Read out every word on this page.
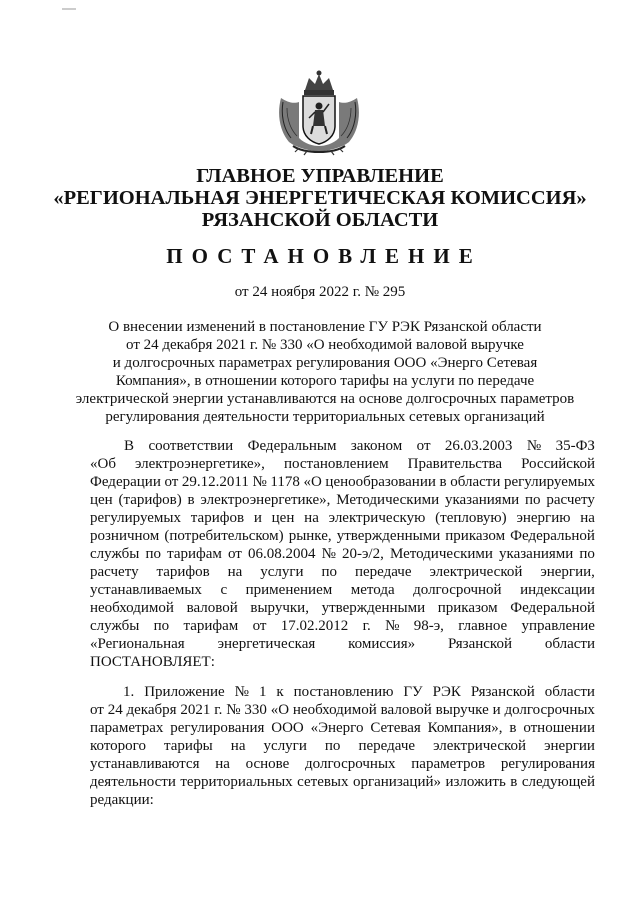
ГЛАВНОЕ УПРАВЛЕНИЕ
«РЕГИОНАЛЬНАЯ ЭНЕРГЕТИЧЕСКАЯ КОМИССИЯ»
РЯЗАНСКОЙ ОБЛАСТИ
ПОСТАНОВЛЕНИЕ
от 24 ноября 2022 г. № 295
О внесении изменений в постановление ГУ РЭК Рязанской области
от 24 декабря 2021 г. № 330 «О необходимой валовой выручке
и долгосрочных параметрах регулирования ООО «Энерго Сетевая
Компания», в отношении которого тарифы на услуги по передаче
электрической энергии устанавливаются на основе долгосрочных параметров
регулирования деятельности территориальных сетевых организаций
В соответствии Федеральным законом от 26.03.2003 № 35-ФЗ
«Об электроэнергетике», постановлением Правительства Российской
Федерации от 29.12.2011 № 1178 «О ценообразовании в области регулируемых
цен (тарифов) в электроэнергетике», Методическими указаниями по расчету
регулируемых тарифов и цен на электрическую (тепловую) энергию на
розничном (потребительском) рынке, утвержденными приказом Федеральной
службы по тарифам от 06.08.2004 № 20-э/2, Методическими указаниями по
расчету тарифов на услуги по передаче электрической энергии,
устанавливаемых с применением метода долгосрочной индексации
необходимой валовой выручки, утвержденными приказом Федеральной
службы по тарифам от 17.02.2012 г. № 98-э, главное управление
«Региональная энергетическая комиссия» Рязанской области
ПОСТАНОВЛЯЕТ:
1. Приложение № 1 к постановлению ГУ РЭК Рязанской области
от 24 декабря 2021 г. № 330 «О необходимой валовой выручке и долгосрочных
параметрах регулирования ООО «Энерго Сетевая Компания», в отношении
которого тарифы на услуги по передаче электрической энергии
устанавливаются на основе долгосрочных параметров регулирования
деятельности территориальных сетевых организаций» изложить в следующей
редакции:
